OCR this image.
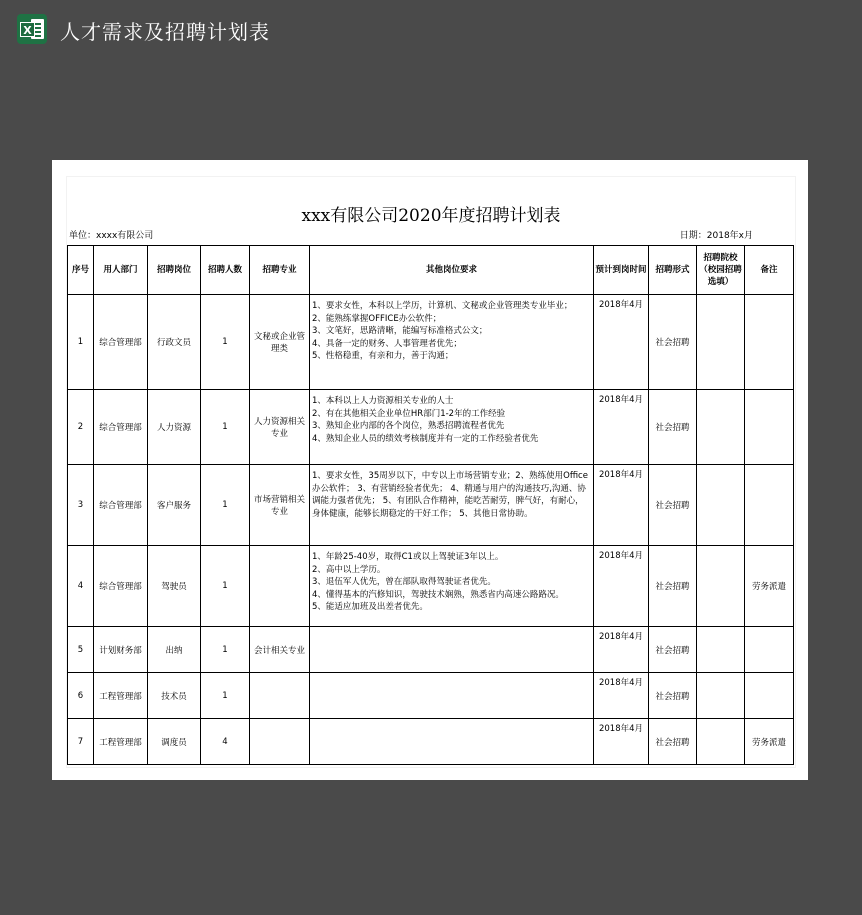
X 人才需求及招聘计划表
xxx有限公司2020年度招聘计划表
单位：xxxx有限公司	日期：2018年x月
序号	用人部门	招聘岗位	招聘人数	招聘专业	其他岗位要求	预计到岗时间	招聘形式	招聘院校（校园招聘选填）	备注
1	综合管理部	行政文员	1	文秘或企业管理类	1、要求女性，本科以上学历，计算机、文秘或企业管理类专业毕业；
2、能熟练掌握OFFICE办公软件；
3、文笔好，思路清晰，能编写标准格式公文；
4、具备一定的财务、人事管理者优先；
5、性格稳重，有亲和力，善于沟通；	2018年4月	社会招聘		
2	综合管理部	人力资源	1	人力资源相关专业	1、本科以上人力资源相关专业的人士
2、有在其他相关企业单位HR部门1-2年的工作经验
3、熟知企业内部的各个岗位，熟悉招聘流程者优先
4、熟知企业人员的绩效考核制度并有一定的工作经验者优先	2018年4月	社会招聘		
3	综合管理部	客户服务	1	市场营销相关专业	1、要求女性，35周岁以下，中专以上市场营销专业；2、熟练使用Office办公软件； 3、有营销经验者优先； 4、精通与用户的沟通技巧,沟通、协调能力强者优先； 5、有团队合作精神，能吃苦耐劳，脾气好，有耐心，身体健康，能够长期稳定的干好工作； 5、其他日常协助。	2018年4月	社会招聘		
4	综合管理部	驾驶员	1		1、年龄25-40岁，取得C1或以上驾驶证3年以上。
2、高中以上学历。
3、退伍军人优先，曾在部队取得驾驶证者优先。
4、懂得基本的汽修知识，驾驶技术娴熟，熟悉省内高速公路路况。
5、能适应加班及出差者优先。	2018年4月	社会招聘		劳务派遣
5	计划财务部	出纳	1	会计相关专业		2018年4月	社会招聘		
6	工程管理部	技术员	1			2018年4月	社会招聘		
7	工程管理部	调度员	4			2018年4月	社会招聘		劳务派遣
